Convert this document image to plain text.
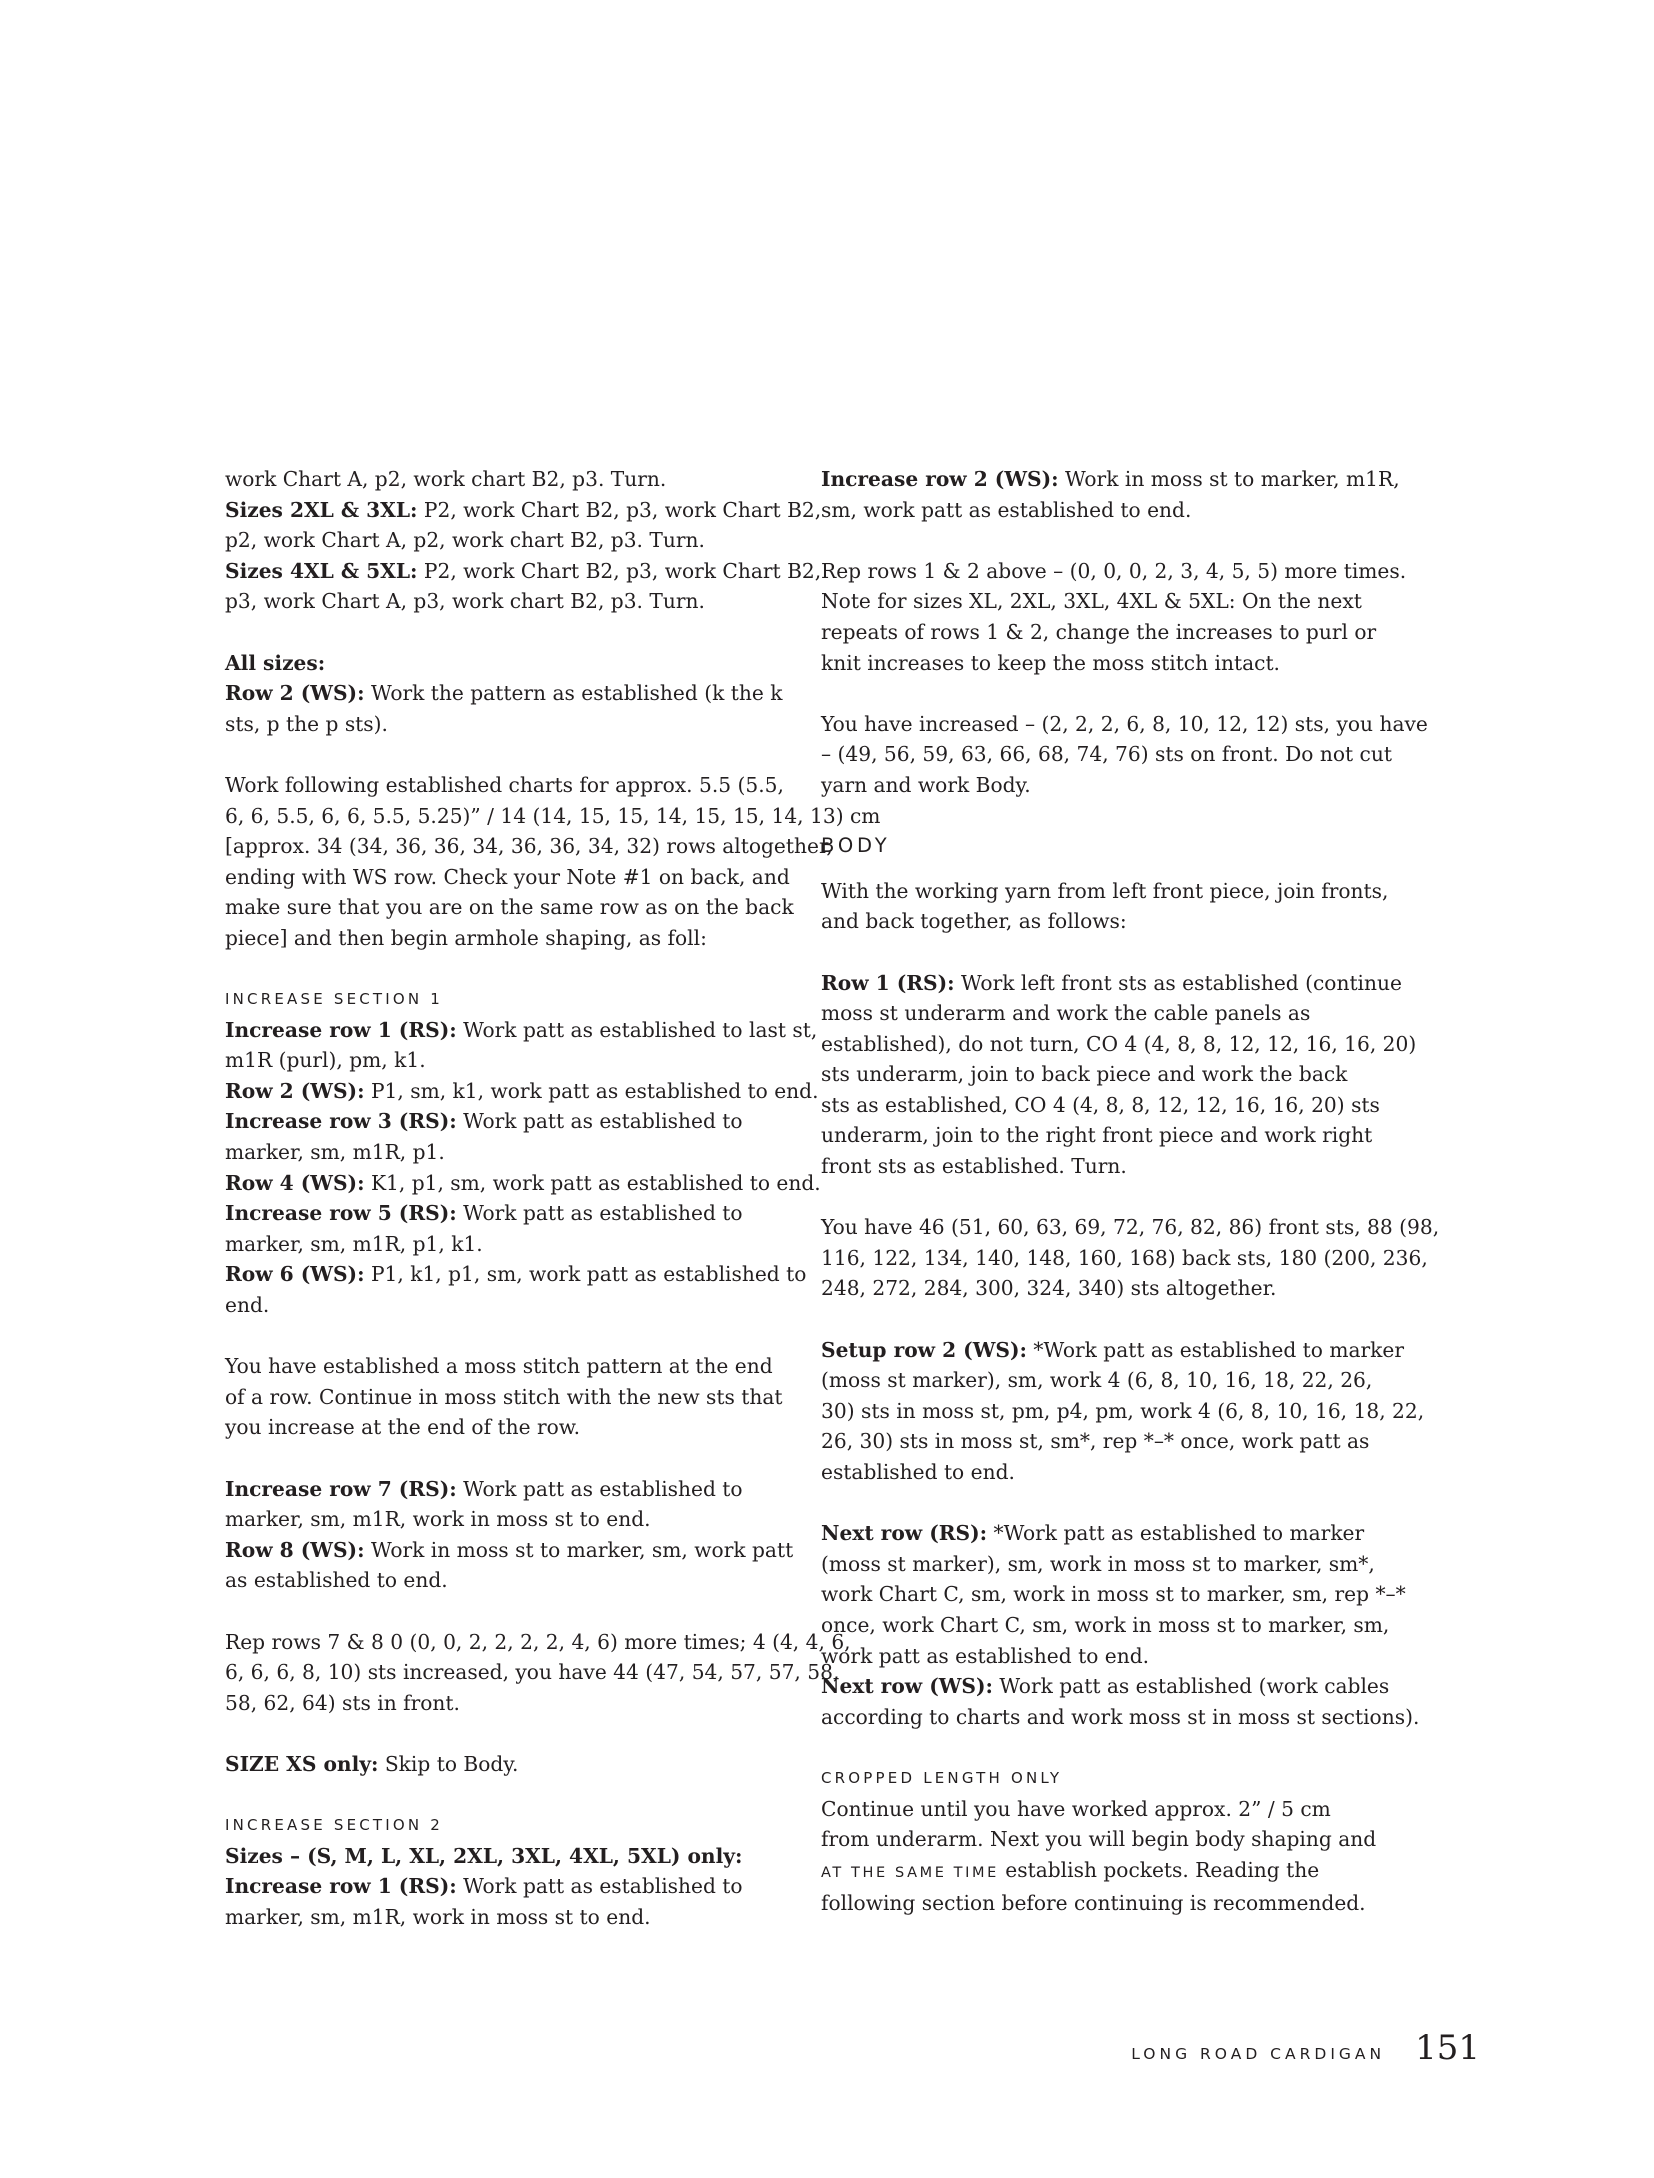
work Chart A, p2, work chart B2, p3. Turn.
Sizes 2XL & 3XL: P2, work Chart B2, p3, work Chart B2,
p2, work Chart A, p2, work chart B2, p3. Turn.
Sizes 4XL & 5XL: P2, work Chart B2, p3, work Chart B2,
p3, work Chart A, p3, work chart B2, p3. Turn.
All sizes:
Row 2 (WS): Work the pattern as established (k the k
sts, p the p sts).
Work following established charts for approx. 5.5 (5.5,
6, 6, 5.5, 6, 6, 5.5, 5.25)” / 14 (14, 15, 15, 14, 15, 15, 14, 13) cm
[approx. 34 (34, 36, 36, 34, 36, 36, 34, 32) rows altogether,
ending with WS row. Check your Note #1 on back, and
make sure that you are on the same row as on the back
piece] and then begin armhole shaping, as foll:
INCREASE SECTION 1
Increase row 1 (RS): Work patt as established to last st,
m1R (purl), pm, k1.
Row 2 (WS): P1, sm, k1, work patt as established to end.
Increase row 3 (RS): Work patt as established to
marker, sm, m1R, p1.
Row 4 (WS): K1, p1, sm, work patt as established to end.
Increase row 5 (RS): Work patt as established to
marker, sm, m1R, p1, k1.
Row 6 (WS): P1, k1, p1, sm, work patt as established to
end.
You have established a moss stitch pattern at the end
of a row. Continue in moss stitch with the new sts that
you increase at the end of the row.
Increase row 7 (RS): Work patt as established to
marker, sm, m1R, work in moss st to end.
Row 8 (WS): Work in moss st to marker, sm, work patt
as established to end.
Rep rows 7 & 8 0 (0, 0, 2, 2, 2, 2, 4, 6) more times; 4 (4, 4, 6,
6, 6, 6, 8, 10) sts increased, you have 44 (47, 54, 57, 57, 58,
58, 62, 64) sts in front.
SIZE XS only: Skip to Body.
INCREASE SECTION 2
Sizes – (S, M, L, XL, 2XL, 3XL, 4XL, 5XL) only:
Increase row 1 (RS): Work patt as established to
marker, sm, m1R, work in moss st to end.
Increase row 2 (WS): Work in moss st to marker, m1R,
sm, work patt as established to end.
Rep rows 1 & 2 above – (0, 0, 0, 2, 3, 4, 5, 5) more times.
Note for sizes XL, 2XL, 3XL, 4XL & 5XL: On the next
repeats of rows 1 & 2, change the increases to purl or
knit increases to keep the moss stitch intact.
You have increased – (2, 2, 2, 6, 8, 10, 12, 12) sts, you have
– (49, 56, 59, 63, 66, 68, 74, 76) sts on front. Do not cut
yarn and work Body.
BODY
With the working yarn from left front piece, join fronts,
and back together, as follows:
Row 1 (RS): Work left front sts as established (continue
moss st underarm and work the cable panels as
established), do not turn, CO 4 (4, 8, 8, 12, 12, 16, 16, 20)
sts underarm, join to back piece and work the back
sts as established, CO 4 (4, 8, 8, 12, 12, 16, 16, 20) sts
underarm, join to the right front piece and work right
front sts as established. Turn.
You have 46 (51, 60, 63, 69, 72, 76, 82, 86) front sts, 88 (98,
116, 122, 134, 140, 148, 160, 168) back sts, 180 (200, 236,
248, 272, 284, 300, 324, 340) sts altogether.
Setup row 2 (WS): *Work patt as established to marker
(moss st marker), sm, work 4 (6, 8, 10, 16, 18, 22, 26,
30) sts in moss st, pm, p4, pm, work 4 (6, 8, 10, 16, 18, 22,
26, 30) sts in moss st, sm*, rep *–* once, work patt as
established to end.
Next row (RS): *Work patt as established to marker
(moss st marker), sm, work in moss st to marker, sm*,
work Chart C, sm, work in moss st to marker, sm, rep *–*
once, work Chart C, sm, work in moss st to marker, sm,
work patt as established to end.
Next row (WS): Work patt as established (work cables
according to charts and work moss st in moss st sections).
CROPPED LENGTH ONLY
Continue until you have worked approx. 2” / 5 cm
from underarm. Next you will begin body shaping and
AT THE SAME TIME establish pockets. Reading the
following section before continuing is recommended.
LONG ROAD CARDIGAN 151
